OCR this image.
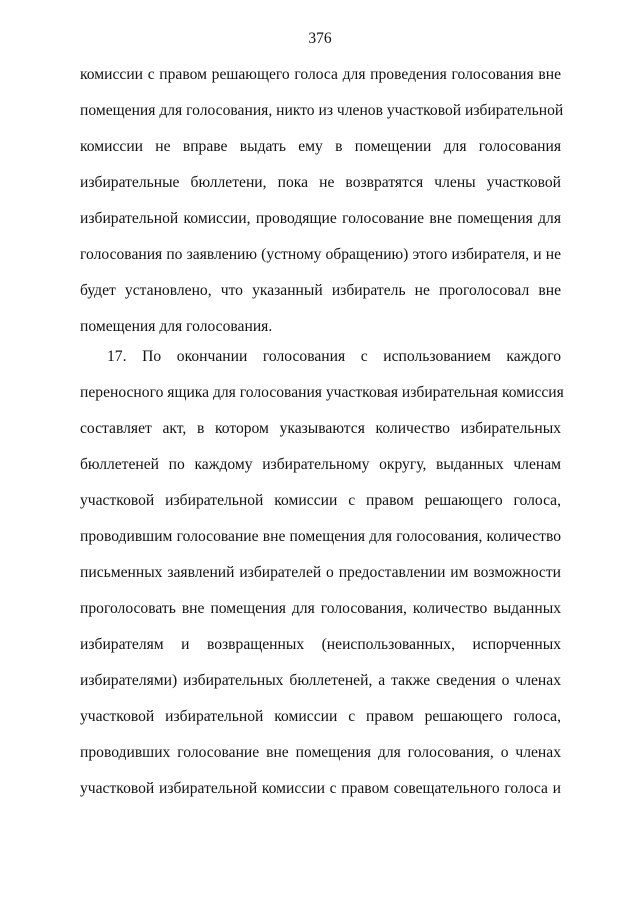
376
комиссии с правом решающего голоса для проведения голосования вне
помещения для голосования, никто из членов участковой избирательной
комиссии не вправе выдать ему в помещении для голосования
избирательные бюллетени, пока не возвратятся члены участковой
избирательной комиссии, проводящие голосование вне помещения для
голосования по заявлению (устному обращению) этого избирателя, и не
будет установлено, что указанный избиратель не проголосовал вне
помещения для голосования.
17. По окончании голосования с использованием каждого
переносного ящика для голосования участковая избирательная комиссия
составляет акт, в котором указываются количество избирательных
бюллетеней по каждому избирательному округу, выданных членам
участковой избирательной комиссии с правом решающего голоса,
проводившим голосование вне помещения для голосования, количество
письменных заявлений избирателей о предоставлении им возможности
проголосовать вне помещения для голосования, количество выданных
избирателям и возвращенных (неиспользованных, испорченных
избирателями) избирательных бюллетеней, а также сведения о членах
участковой избирательной комиссии с правом решающего голоса,
проводивших голосование вне помещения для голосования, о членах
участковой избирательной комиссии с правом совещательного голоса и
